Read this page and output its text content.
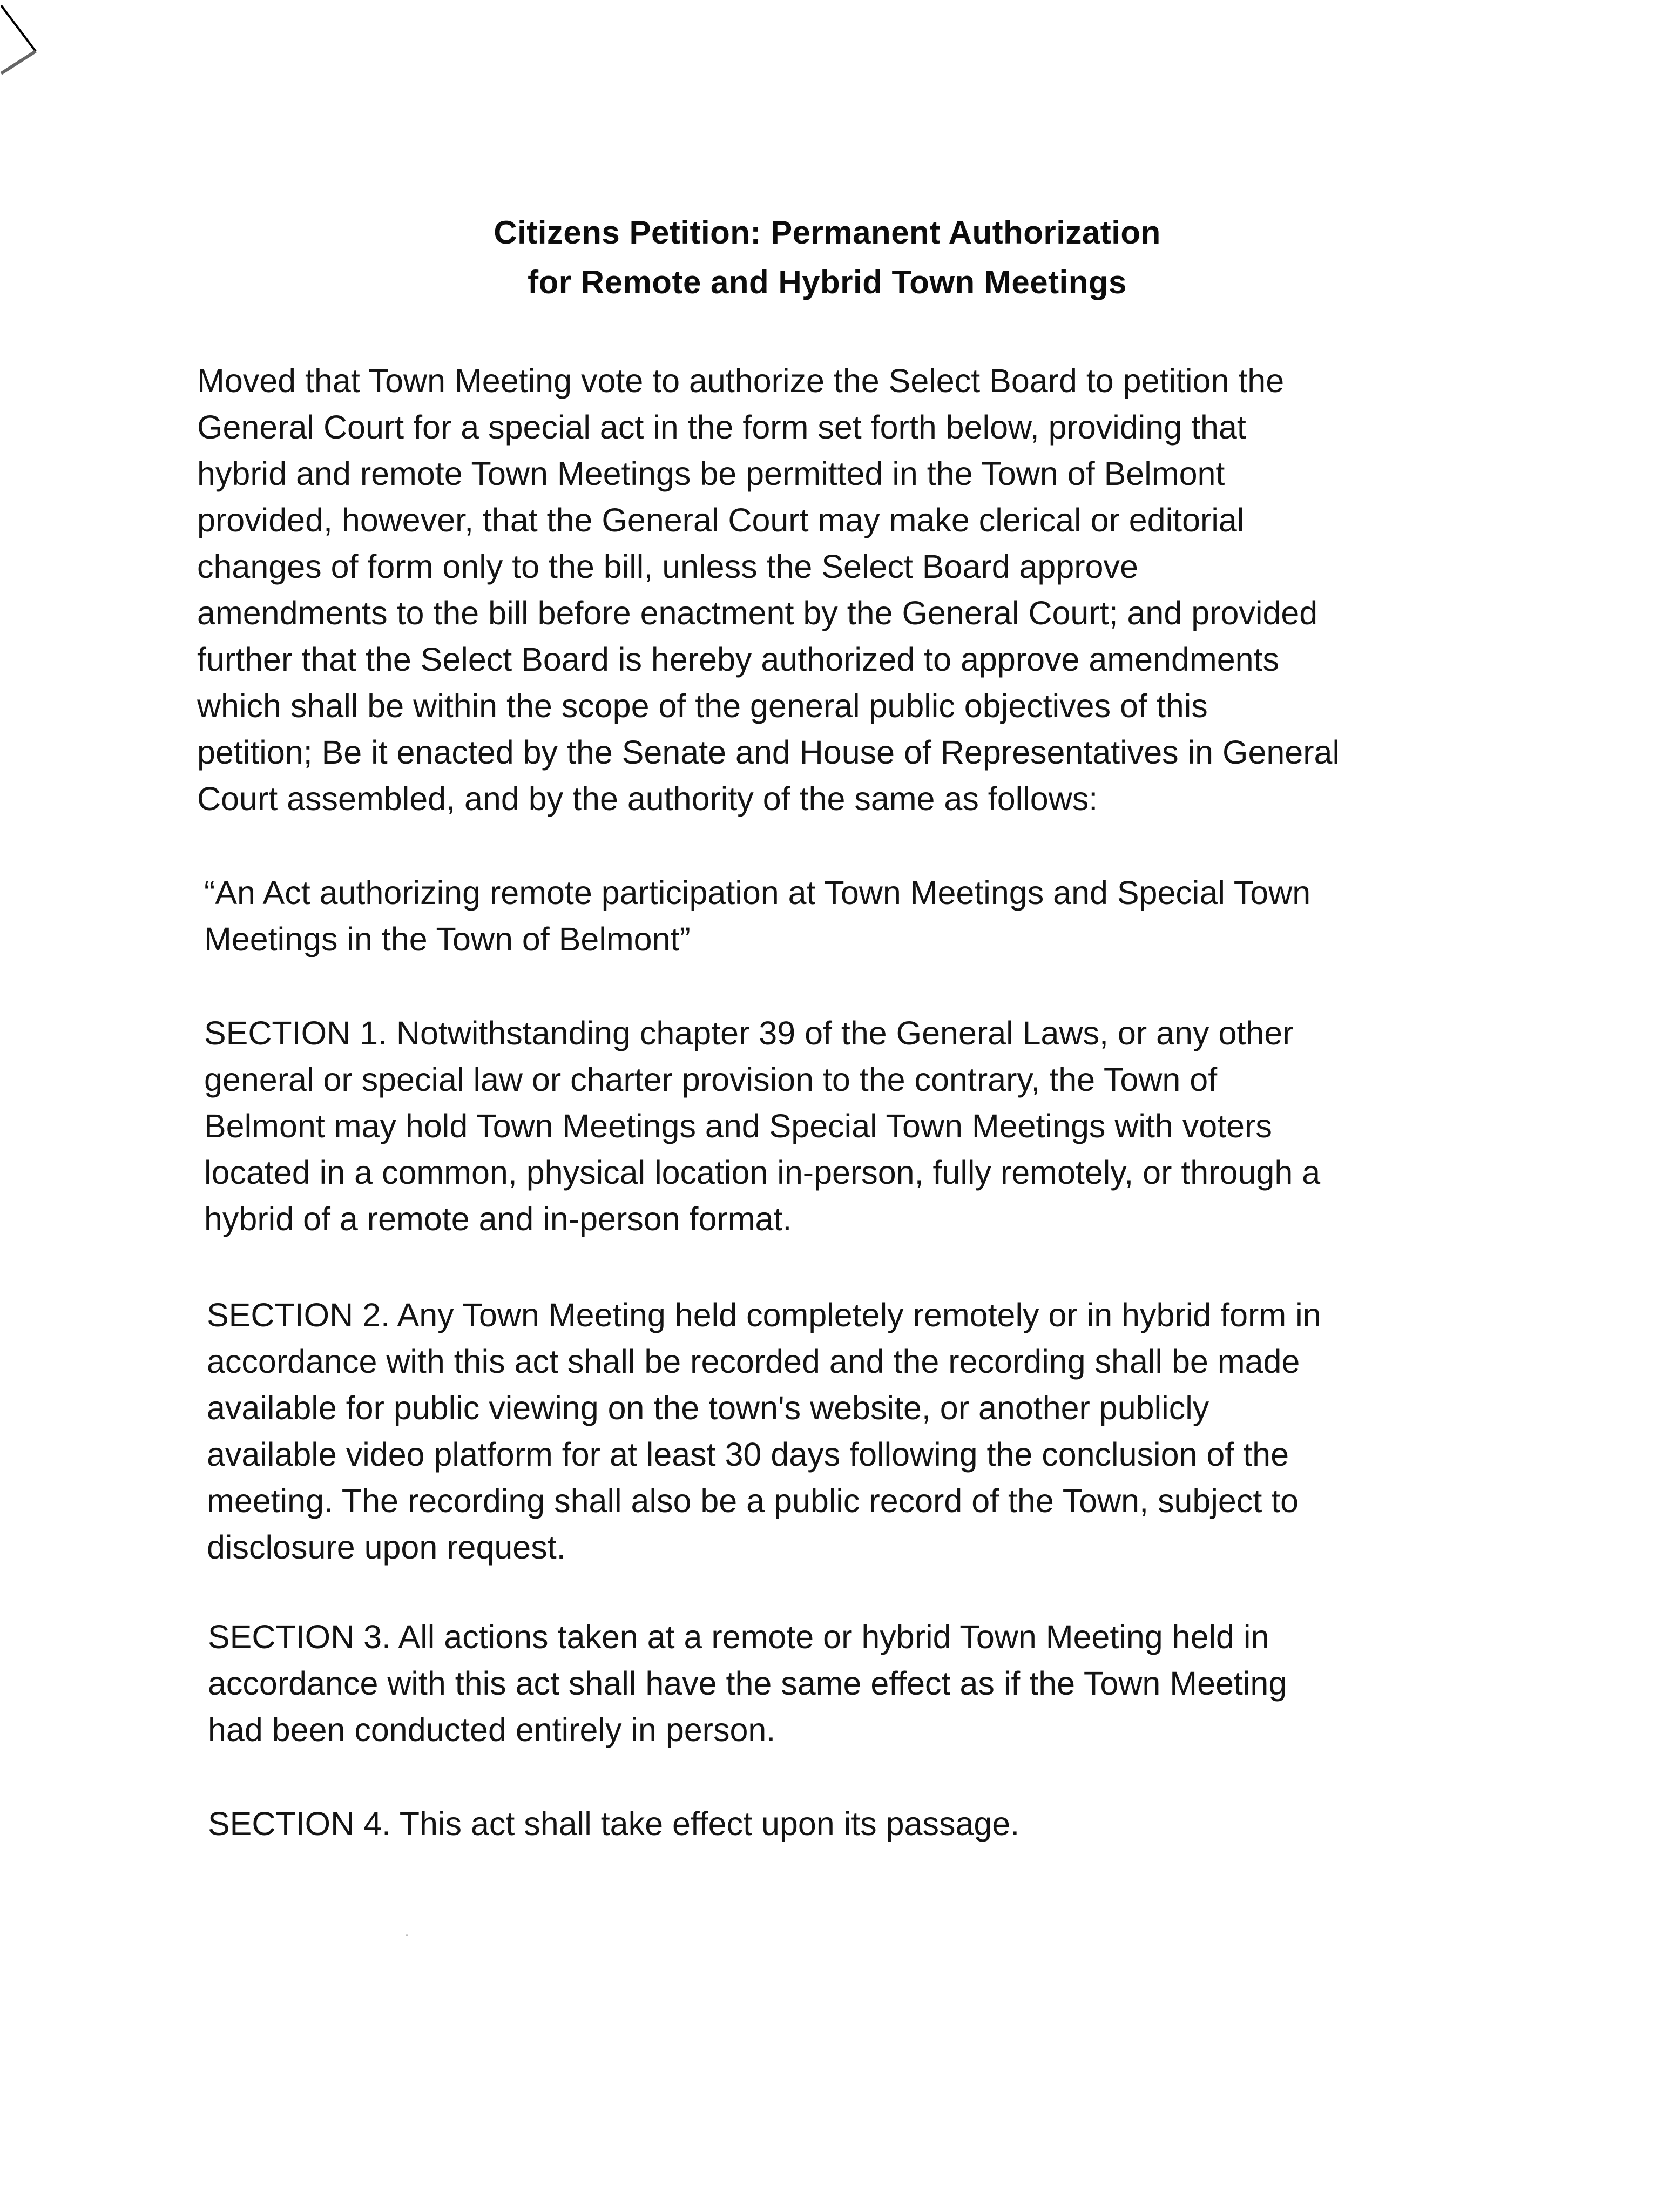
Citizens Petition: Permanent Authorization
for Remote and Hybrid Town Meetings
Moved that Town Meeting vote to authorize the Select Board to petition the
General Court for a special act in the form set forth below, providing that
hybrid and remote Town Meetings be permitted in the Town of Belmont
provided, however, that the General Court may make clerical or editorial
changes of form only to the bill, unless the Select Board approve
amendments to the bill before enactment by the General Court; and provided
further that the Select Board is hereby authorized to approve amendments
which shall be within the scope of the general public objectives of this
petition; Be it enacted by the Senate and House of Representatives in General
Court assembled, and by the authority of the same as follows:
“An Act authorizing remote participation at Town Meetings and Special Town
Meetings in the Town of Belmont”
SECTION 1. Notwithstanding chapter 39 of the General Laws, or any other
general or special law or charter provision to the contrary, the Town of
Belmont may hold Town Meetings and Special Town Meetings with voters
located in a common, physical location in-person, fully remotely, or through a
hybrid of a remote and in-person format.
SECTION 2. Any Town Meeting held completely remotely or in hybrid form in
accordance with this act shall be recorded and the recording shall be made
available for public viewing on the town's website, or another publicly
available video platform for at least 30 days following the conclusion of the
meeting. The recording shall also be a public record of the Town, subject to
disclosure upon request.
SECTION 3. All actions taken at a remote or hybrid Town Meeting held in
accordance with this act shall have the same effect as if the Town Meeting
had been conducted entirely in person.
SECTION 4. This act shall take effect upon its passage.
